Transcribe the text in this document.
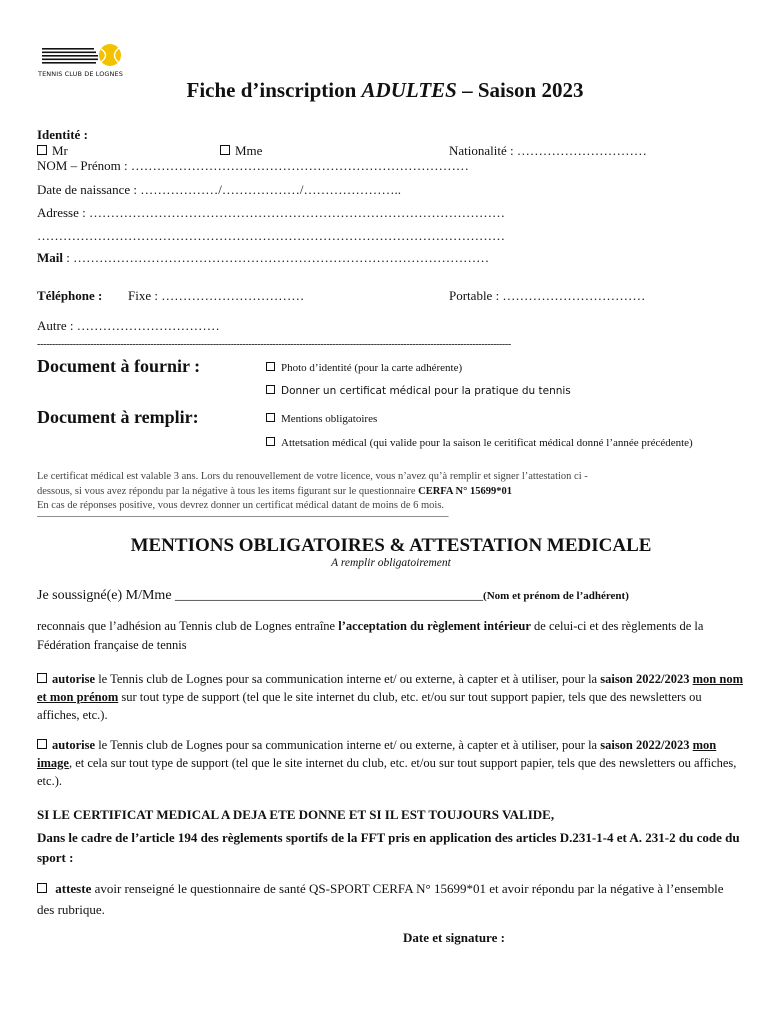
TENNIS CLUB DE LOGNES
Fiche d’inscription ADULTES – Saison 2023
Identité :
Mr	Mme	Nationalité : …………………………
NOM – Prénom : ……………………………………………………………………
Date de naissance : ………………/………………/…………………..
Adresse : ……………………………………………………………………………………
………………………………………………………………………………………………
Mail : ……………………………………………………………………………………
Téléphone : Fixe : ……………………………	Portable : ……………………………
Autre : ……………………………
---------------------------------------------------------------------------------------------------------------------------------------------------------------
Document à fournir :	Photo d’identité (pour la carte adhérente)
Donner un certificat médical pour la pratique du tennis
Document à remplir:	Mentions obligatoires
Attetsation médical (qui valide pour la saison le ceritificat médical donné l’année précédente)
Le certificat médical est valable 3 ans. Lors du renouvellement de votre licence, vous n’avez qu’à remplir et signer l’attestation ci -
dessous, si vous avez répondu par la négative à tous les items figurant sur le questionnaire CERFA N° 15699*01
En cas de réponses positive, vous devrez donner un certificat médical datant de moins de 6 mois.
___________________________________________________________________________________________________
MENTIONS OBLIGATOIRES & ATTESTATION MEDICALE
A remplir obligatoirement
Je soussigné(e) M/Mme ____________________________________________(Nom et prénom de l’adhérent)
reconnais que l’adhésion au Tennis club de Lognes entraîne l’acceptation du règlement intérieur de celui-ci et des règlements de la Fédération française de tennis
autorise le Tennis club de Lognes pour sa communication interne et/ ou externe, à capter et à utiliser, pour la saison 2022/2023 mon nom et mon prénom sur tout type de support (tel que le site internet du club, etc. et/ou sur tout support papier, tels que des newsletters ou affiches, etc.).
autorise le Tennis club de Lognes pour sa communication interne et/ ou externe, à capter et à utiliser, pour la saison 2022/2023 mon image, et cela sur tout type de support (tel que le site internet du club, etc. et/ou sur tout support papier, tels que des newsletters ou affiches, etc.).
SI LE CERTIFICAT MEDICAL A DEJA ETE DONNE ET SI IL EST TOUJOURS VALIDE,
Dans le cadre de l’article 194 des règlements sportifs de la FFT pris en application des articles D.231-1-4 et A. 231-2 du code du sport :
atteste avoir renseigné le questionnaire de santé QS-SPORT CERFA N° 15699*01 et avoir répondu par la négative à l’ensemble des rubrique.
Date et signature :
